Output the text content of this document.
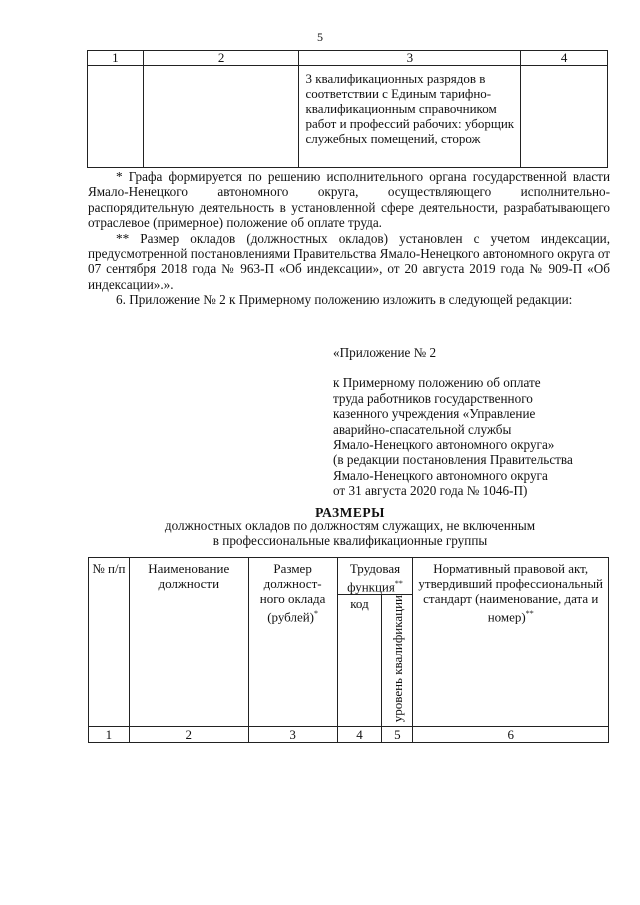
5
1	2	3	4
		3 квалификационных разрядов в соответствии с Единым тарифно-квалификационным справочником работ и профессий рабочих: уборщик служебных помещений, сторож	

* Графа формируется по решению исполнительного органа государственной власти Ямало-Ненецкого автономного округа, осуществляющего исполнительно-распорядительную деятельность в установленной сфере деятельности, разрабатывающего отраслевое (примерное) положение об оплате труда.

** Размер окладов (должностных окладов) установлен с учетом индексации, предусмотренной постановлениями Правительства Ямало-Ненецкого автономного округа от 07 сентября 2018 года № 963-П «Об индексации», от 20 августа 2019 года № 909-П «Об индексации».».

6. Приложение № 2 к Примерному положению изложить в следующей редакции:

«Приложение № 2
к Примерному положению об оплате
труда работников государственного
казенного учреждения «Управление
аварийно-спасательной службы
Ямало-Ненецкого автономного округа»
(в редакции постановления Правительства
Ямало-Ненецкого автономного округа
от 31 августа 2020 года № 1046-П)
РАЗМЕРЫ
должностных окладов по должностям служащих, не включенным
в профессиональные квалификационные группы
№ п/п	Наименование должности	Размер должност-ного оклада (рублей)*	Трудовая функция**		Нормативный правовой акт, утвердивший профессиональный стандарт (наименование, дата и номер)**
			код	уровень квалификации	
1	2	3	4	5	6
